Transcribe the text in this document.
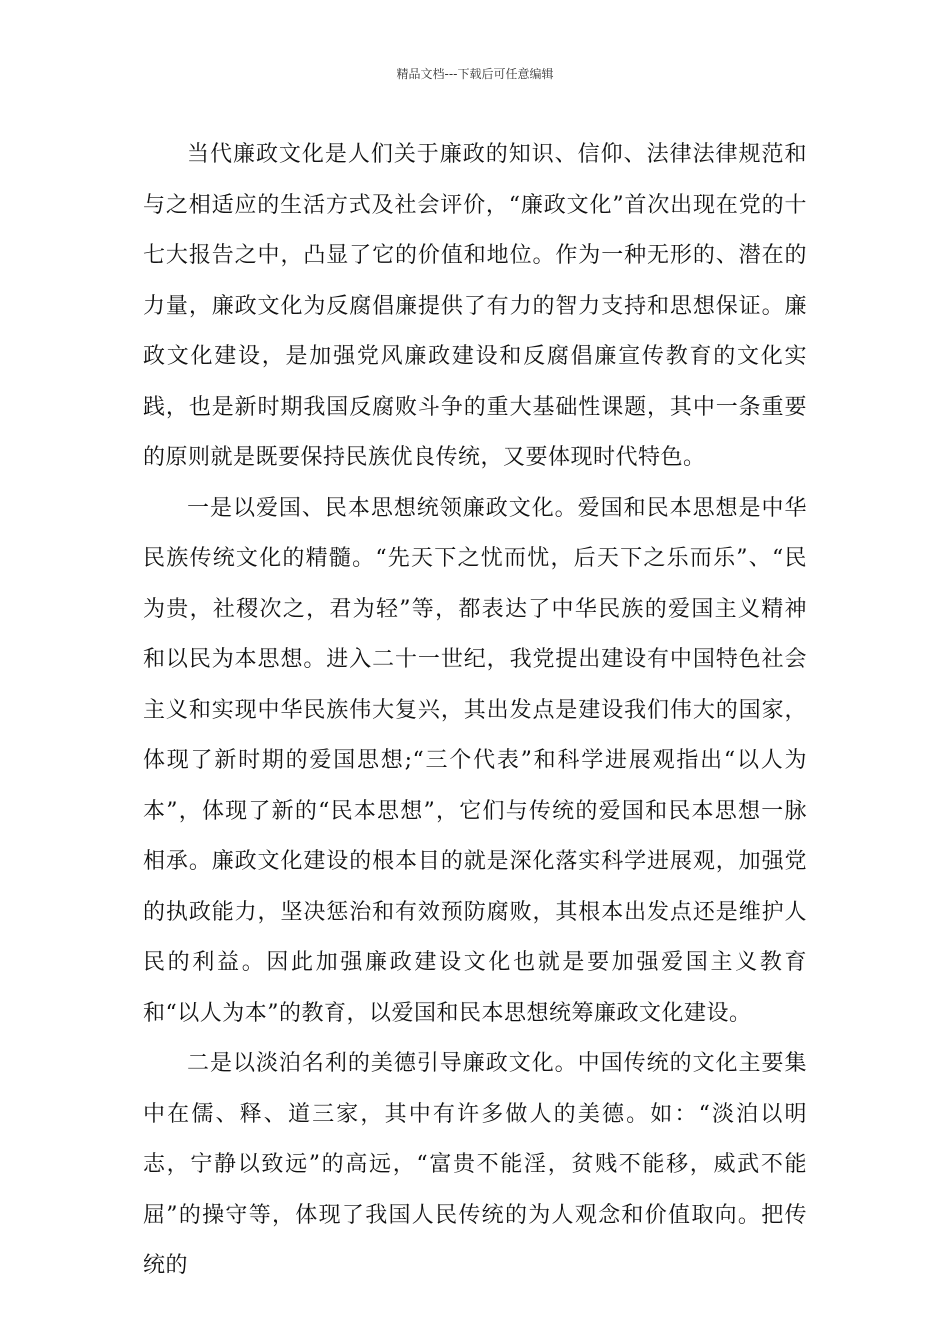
精品文档---下载后可任意编辑

当代廉政文化是人们关于廉政的知识、信仰、法律法律规范和与之相适应的生活方式及社会评价，“廉政文化”首次出现在党的十七大报告之中，凸显了它的价值和地位。作为一种无形的、潜在的力量，廉政文化为反腐倡廉提供了有力的智力支持和思想保证。廉政文化建设，是加强党风廉政建设和反腐倡廉宣传教育的文化实践，也是新时期我国反腐败斗争的重大基础性课题，其中一条重要的原则就是既要保持民族优良传统，又要体现时代特色。

一是以爱国、民本思想统领廉政文化。爱国和民本思想是中华民族传统文化的精髓。“先天下之忧而忧，后天下之乐而乐”、“民为贵，社稷次之，君为轻”等，都表达了中华民族的爱国主义精神和以民为本思想。进入二十一世纪，我党提出建设有中国特色社会主义和实现中华民族伟大复兴，其出发点是建设我们伟大的国家，体现了新时期的爱国思想;“三个代表”和科学进展观指出“以人为本”，体现了新的“民本思想”，它们与传统的爱国和民本思想一脉相承。廉政文化建设的根本目的就是深化落实科学进展观，加强党的执政能力，坚决惩治和有效预防腐败，其根本出发点还是维护人民的利益。因此加强廉政建设文化也就是要加强爱国主义教育和“以人为本”的教育，以爱国和民本思想统筹廉政文化建设。

二是以淡泊名利的美德引导廉政文化。中国传统的文化主要集中在儒、释、道三家，其中有许多做人的美德。如：“淡泊以明志，宁静以致远”的高远，“富贵不能淫，贫贱不能移，威武不能屈”的操守等，体现了我国人民传统的为人观念和价值取向。把传统的
